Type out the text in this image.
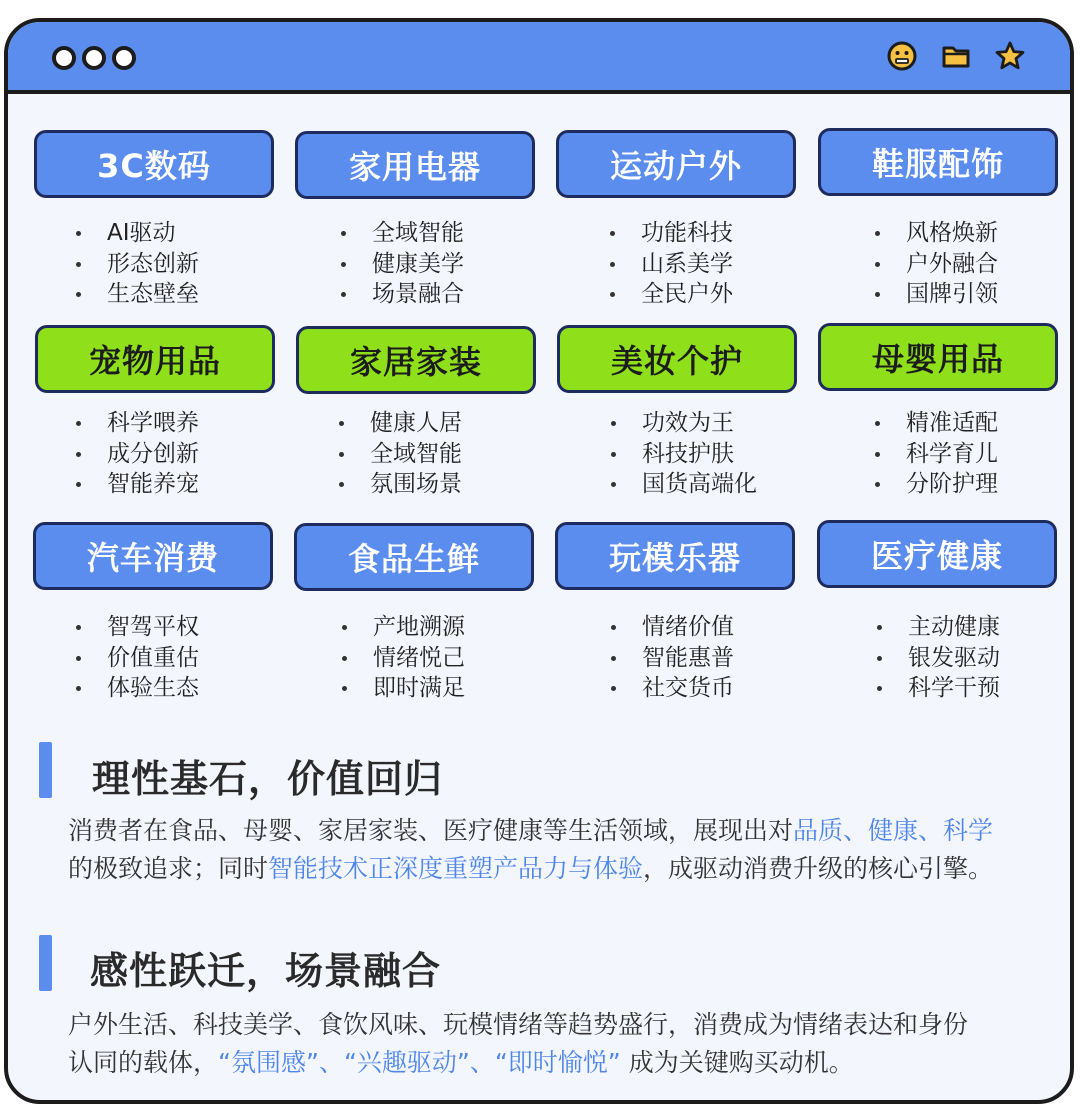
3C数码	家用电器	运动户外	鞋服配饰
AI驱动
形态创新
生态壁垒
全域智能
健康美学
场景融合
功能科技
山系美学
全民户外
风格焕新
户外融合
国牌引领
宠物用品	家居家装	美妆个护	母婴用品
科学喂养
成分创新
智能养宠
健康人居
全域智能
氛围场景
功效为王
科技护肤
国货高端化
精准适配
科学育儿
分阶护理
汽车消费	食品生鲜	玩模乐器	医疗健康
智驾平权
价值重估
体验生态
产地溯源
情绪悦己
即时满足
情绪价值
智能惠普
社交货币
主动健康
银发驱动
科学干预
理性基石，价值回归
消费者在食品、母婴、家居家装、医疗健康等生活领域，展现出对品质、健康、科学
的极致追求；同时智能技术正深度重塑产品力与体验，成驱动消费升级的核心引擎。
感性跃迁，场景融合
户外生活、科技美学、食饮风味、玩模情绪等趋势盛行，消费成为情绪表达和身份
认同的载体，“氛围感”、“兴趣驱动”、“即时愉悦” 成为关键购买动机。
